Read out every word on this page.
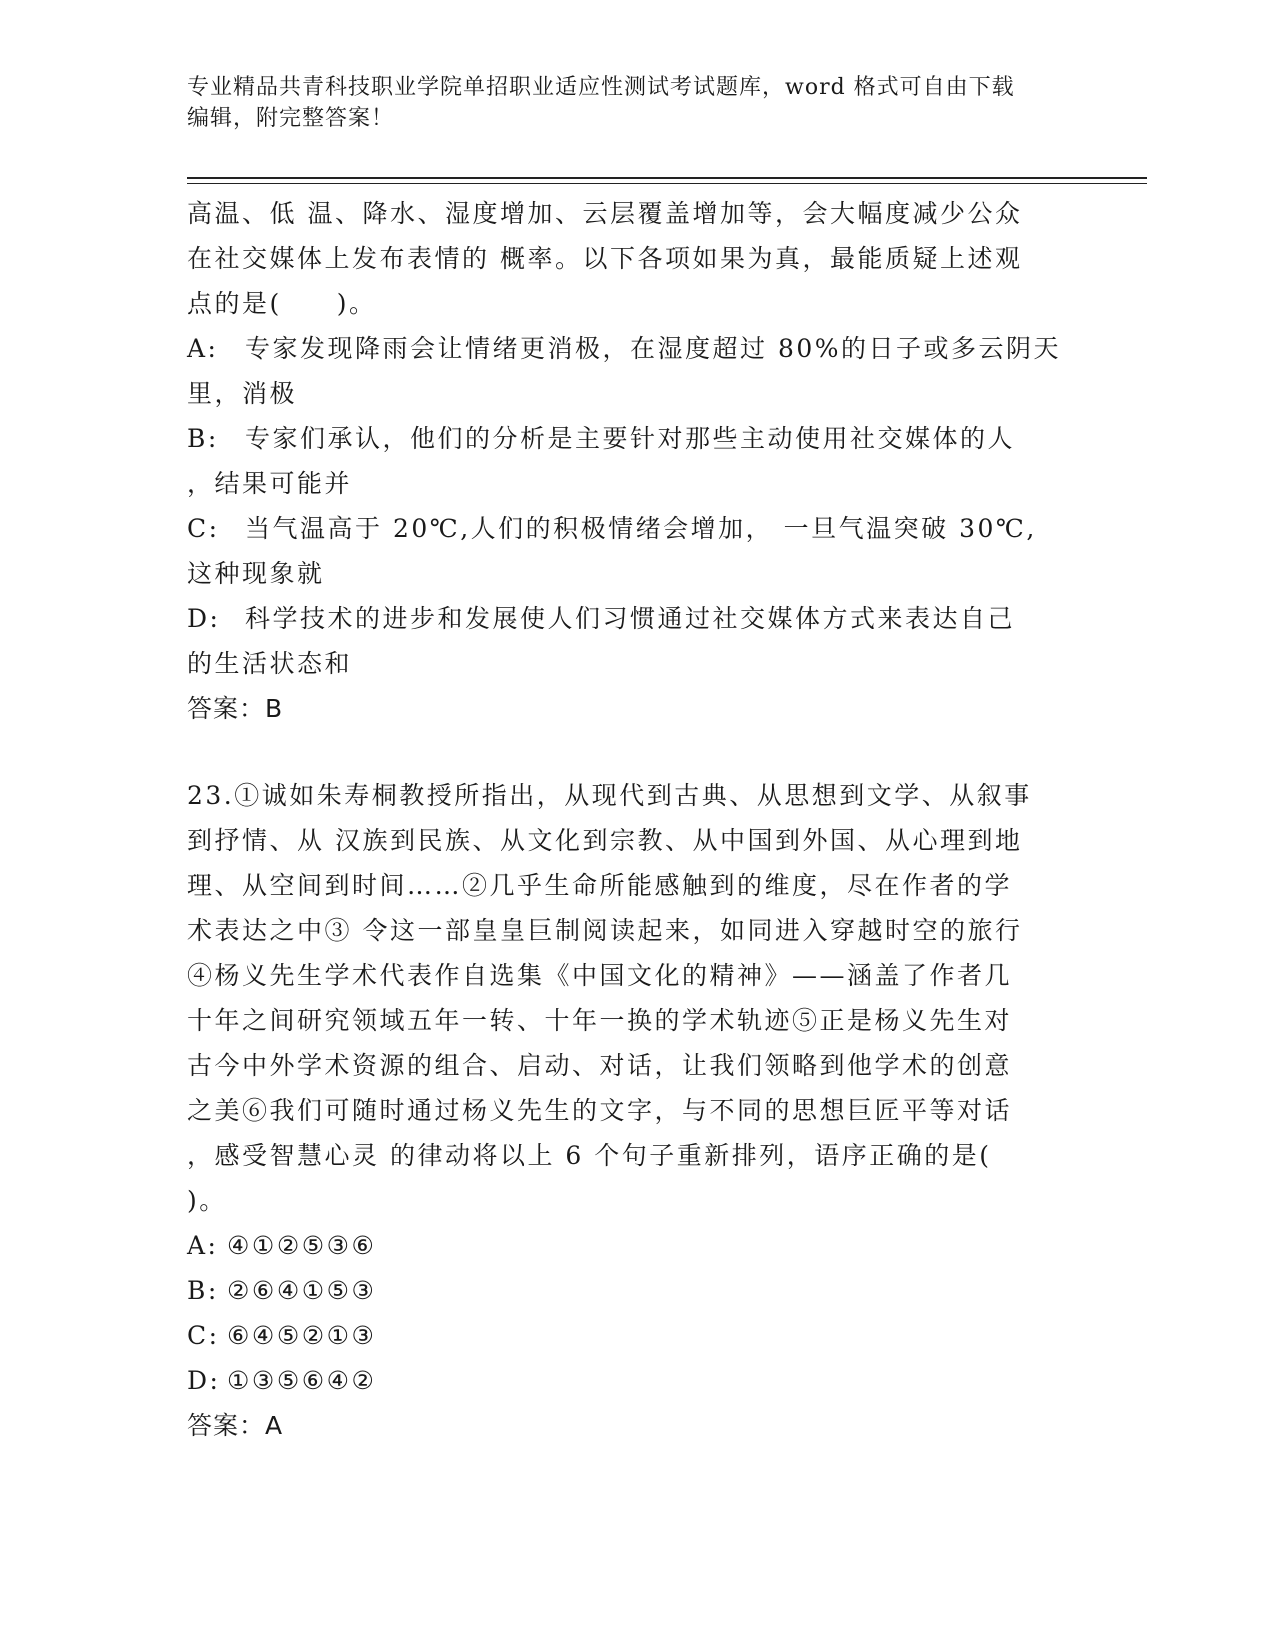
专业精品共青科技职业学院单招职业适应性测试考试题库，word 格式可自由下载
编辑，附完整答案！
高温、低 温、降水、湿度增加、云层覆盖增加等，会大幅度减少公众
在社交媒体上发布表情的 概率。以下各项如果为真，最能质疑上述观
点的是(　　)。
A: 专家发现降雨会让情绪更消极，在湿度超过 80%的日子或多云阴天
里，消极
B: 专家们承认，他们的分析是主要针对那些主动使用社交媒体的人
，结果可能并
C: 当气温高于 20℃,人们的积极情绪会增加， 一旦气温突破 30℃,
这种现象就
D: 科学技术的进步和发展使人们习惯通过社交媒体方式来表达自己
的生活状态和
答案：B
23.①诚如朱寿桐教授所指出，从现代到古典、从思想到文学、从叙事
到抒情、从 汉族到民族、从文化到宗教、从中国到外国、从心理到地
理、从空间到时间……②几乎生命所能感触到的维度，尽在作者的学
术表达之中③ 令这一部皇皇巨制阅读起来，如同进入穿越时空的旅行
④杨义先生学术代表作自选集《中国文化的精神》——涵盖了作者几
十年之间研究领域五年一转、十年一换的学术轨迹⑤正是杨义先生对
古今中外学术资源的组合、启动、对话，让我们领略到他学术的创意
之美⑥我们可随时通过杨义先生的文字，与不同的思想巨匠平等对话
，感受智慧心灵 的律动将以上 6 个句子重新排列，语序正确的是(
)。
A: ④①②⑤③⑥
B: ②⑥④①⑤③
C: ⑥④⑤②①③
D: ①③⑤⑥④②
答案：A
